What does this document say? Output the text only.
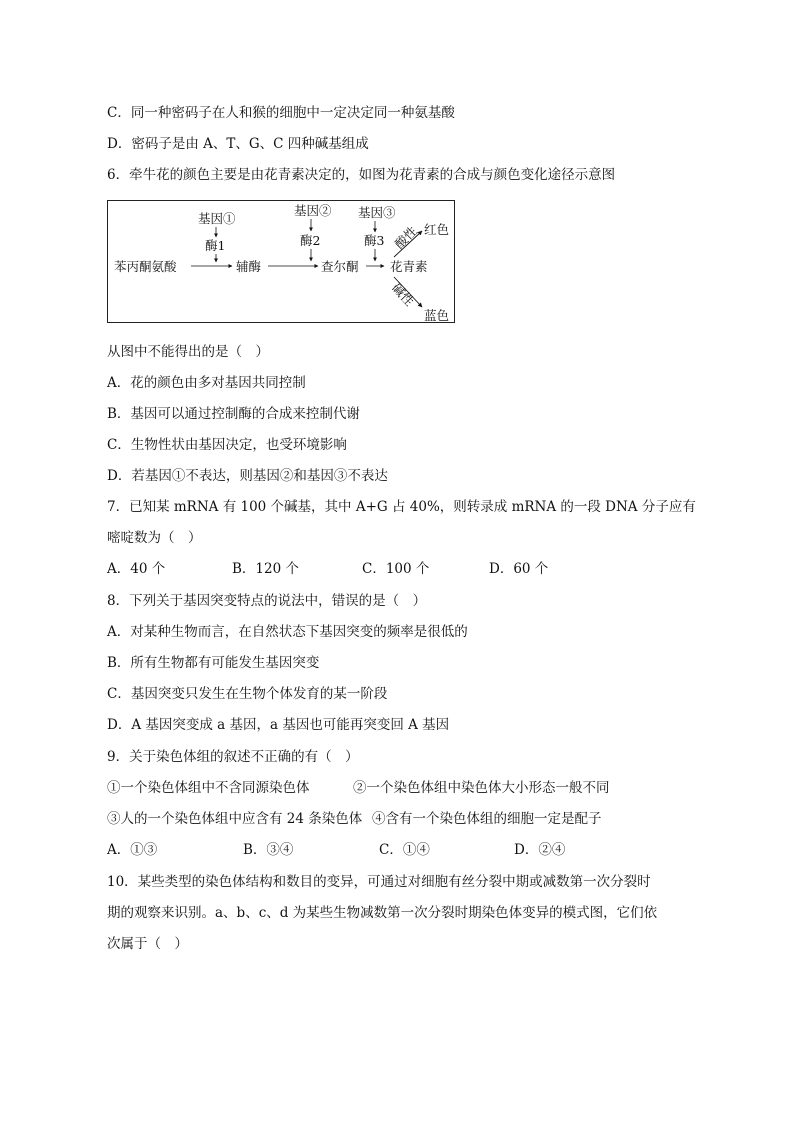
C．同一种密码子在人和猴的细胞中一定决定同一种氨基酸
D．密码子是由 A、T、G、C 四种碱基组成
6．牵牛花的颜色主要是由花青素决定的，如图为花青素的合成与颜色变化途径示意图
基因①
基因② 基因③
酶1	酶2	酶3
苯丙酮氨酸	辅酶	查尔酮	花青素
酸性 红色
碱性
蓝色
从图中不能得出的是（　）
A．花的颜色由多对基因共同控制
B．基因可以通过控制酶的合成来控制代谢
C．生物性状由基因决定，也受环境影响
D．若基因①不表达，则基因②和基因③不表达
7．已知某 mRNA 有 100 个碱基，其中 A+G 占 40%，则转录成 mRNA 的一段 DNA 分子应有
嘧啶数为（　）
A．40 个	B．120 个	C．100 个	D．60 个
8．下列关于基因突变特点的说法中，错误的是（　）
A．对某种生物而言，在自然状态下基因突变的频率是很低的
B．所有生物都有可能发生基因突变
C．基因突变只发生在生物个体发育的某一阶段
D．A 基因突变成 a 基因，a 基因也可能再突变回 A 基因
9．关于染色体组的叙述不正确的有（　）
①一个染色体组中不含同源染色体	②一个染色体组中染色体大小形态一般不同
③人的一个染色体组中应含有 24 条染色体 ④含有一个染色体组的细胞一定是配子
A．①③	B．③④	C．①④	D．②④
10．某些类型的染色体结构和数目的变异，可通过对细胞有丝分裂中期或减数第一次分裂时
期的观察来识别。a、b、c、d 为某些生物减数第一次分裂时期染色体变异的模式图，它们依
次属于（　）
